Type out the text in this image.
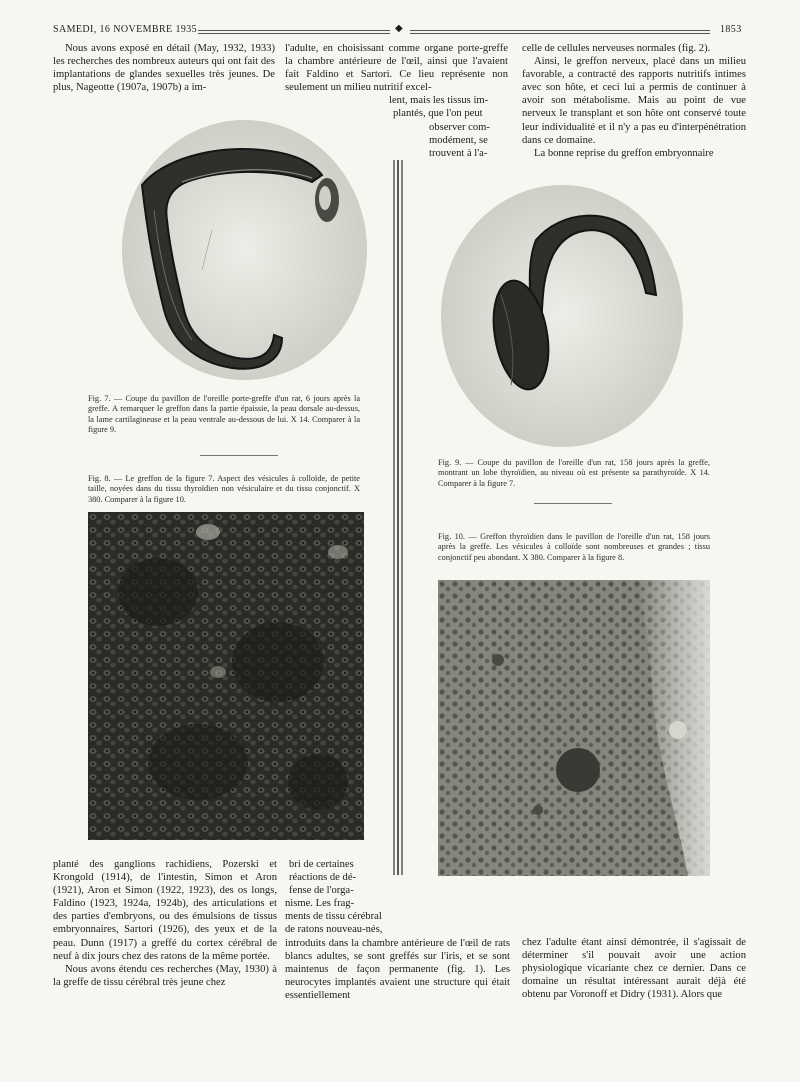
SAMEDI, 16 NOVEMBRE 1935	◆	1853
Nous avons exposé en détail (May, 1932, 1933) les recherches des nombreux auteurs qui ont fait des implantations de glandes sexuelles très jeunes. De plus, Nageotte (1907a, 1907b) a im-

l'adulte, en choisissant comme organe porte-greffe la chambre antérieure de l'œil, ainsi que l'avaient fait Faldino et Sartori. Ce lieu représente non seulement un milieu nutritif excel-

lent, mais les tissus im-
plantés, que l'on peut
observer com-
modément, se
trouvent à l'a-

celle de cellules nerveuses normales (fig. 2).

Ainsi, le greffon nerveux, placé dans un milieu favorable, a contracté des rapports nutritifs intimes avec son hôte, et ceci lui a permis de continuer à avoir son métabolisme. Mais au point de vue nerveux le transplant et son hôte ont conservé toute leur individualité et il n'y a pas eu d'interpénétration dans ce domaine.

La bonne reprise du greffon embryonnaire

Fig. 7. — Coupe du pavillon de l'oreille porte-greffe d'un rat, 6 jours après la greffe. A remarquer le greffon dans la partie épaissie, la peau dorsale au-dessus, la lame cartilagineuse et la peau ventrale au-dessous de lui. X 14. Comparer à la figure 9.
Fig. 8. — Le greffon de la figure 7. Aspect des vésicules à colloïde, de petite taille, noyées dans du tissu thyroïdien non vésiculaire et du tissu conjonctif. X 380. Comparer à la figure 10.
Fig. 9. — Coupe du pavillon de l'oreille d'un rat, 158 jours après la greffe, montrant un lobe thyroïdien, au niveau où est présente sa parathyroïde. X 14. Comparer à la figure 7.
Fig. 10. — Greffon thyroïdien dans le pavillon de l'oreille d'un rat, 158 jours après la greffe. Les vésicules à colloïde sont nombreuses et grandes ; tissu conjonctif peu abondant. X 380. Comparer à la figure 8.

planté des ganglions rachidiens, Pozerski et Krongold (1914), de l'intestin, Simon et Aron (1921), Aron et Simon (1922, 1923), des os longs, Faldino (1923, 1924a, 1924b), des articulations et des parties d'embryons, ou des émulsions de tissus embryonnaires, Sartori (1926), des yeux et de la peau. Dunn (1917) a greffé du cortex cérébral de neuf à dix jours chez des ratons de la même portée.

Nous avons étendu ces recherches (May, 1930) à la greffe de tissu cérébral très jeune chez

bri de certaines
réactions de dé-
fense de l'orga-
nisme. Les frag-
ments de tissu cérébral
de ratons nouveau-nés,

introduits dans la chambre antérieure de l'œil de rats blancs adultes, se sont greffés sur l'iris, et se sont maintenus de façon permanente (fig. 1). Les neurocytes implantés avaient une structure qui était essentiellement

chez l'adulte étant ainsi démontrée, il s'agissait de déterminer s'il pouvait avoir une action physiologique vicariante chez ce dernier. Dans ce domaine un résultat intéressant aurait déjà été obtenu par Voronoff et Didry (1931). Alors que
